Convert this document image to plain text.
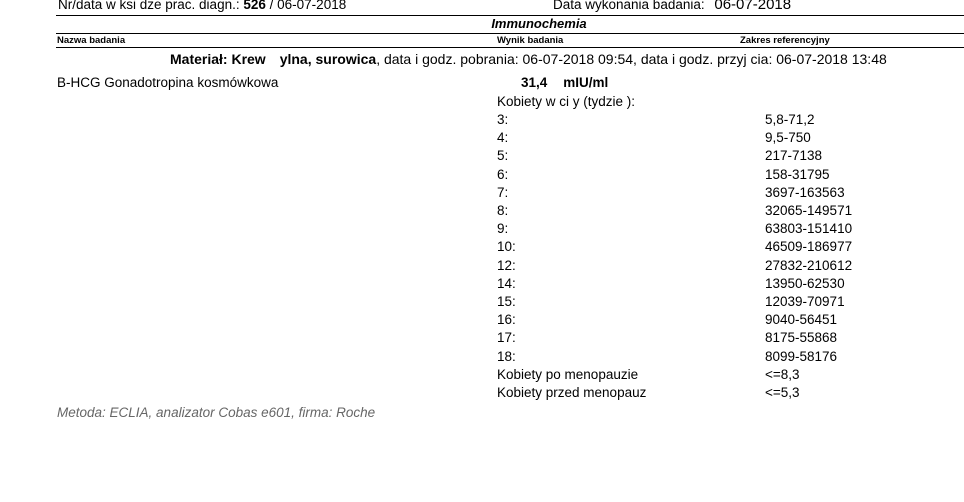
Nr/data w ksi dze prac. diagn.: 526 / 06-07-2018	Data wykonania badania: 06-07-2018
Immunochemia
Nazwa badania	Wynik badania	Zakres referencyjny
Materiał: Krew ylna, surowica, data i godz. pobrania: 06-07-2018 09:54, data i godz. przyj cia: 06-07-2018 13:48
B-HCG Gonadotropina kosmówkowa	31,4 mIU/ml
Kobiety w ci y (tydzie ):
3:	5,8-71,2
4:	9,5-750
5:	217-7138
6:	158-31795
7:	3697-163563
8:	32065-149571
9:	63803-151410
10:	46509-186977
12:	27832-210612
14:	13950-62530
15:	12039-70971
16:	9040-56451
17:	8175-55868
18:	8099-58176
Kobiety po menopauzie	<=8,3
Kobiety przed menopauz	<=5,3
Metoda: ECLIA, analizator Cobas e601, firma: Roche
